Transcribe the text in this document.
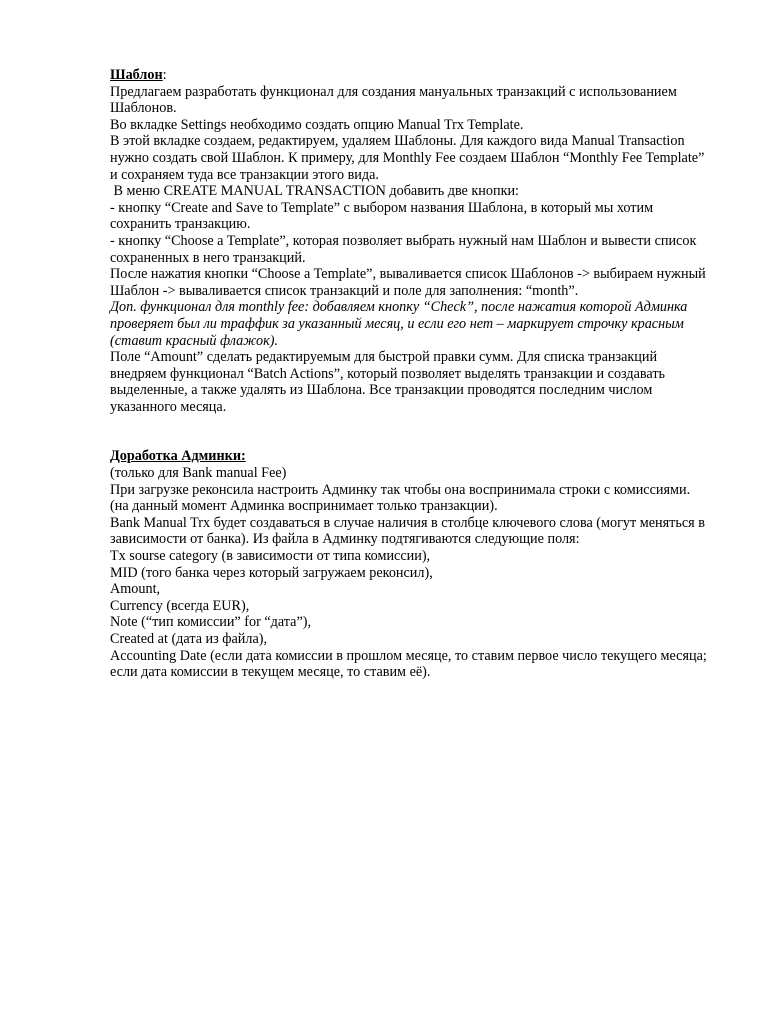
Шаблон:

Предлагаем разработать функционал для создания мануальных транзакций с использованием Шаблонов.

Во вкладке Settings необходимо создать опцию Manual Trx Template.

В этой вкладке создаем, редактируем, удаляем Шаблоны. Для каждого вида Manual Transaction нужно создать свой Шаблон. К примеру, для Monthly Fee создаем Шаблон “Monthly Fee Template” и сохраняем туда все транзакции этого вида.

В меню CREATE MANUAL TRANSACTION добавить две кнопки:

- кнопку “Create and Save to Template” с выбором названия Шаблона, в который мы хотим сохранить транзакцию.

- кнопку “Choose a Template”, которая позволяет выбрать нужный нам Шаблон и вывести список сохраненных в него транзакций.

После нажатия кнопки “Choose a Template”, вываливается список Шаблонов -> выбираем нужный Шаблон -> вываливается список транзакций и поле для заполнения: “month”.

Доп. функционал для monthly fee: добавляем кнопку “Check”, после нажатия которой Админка проверяет был ли траффик за указанный месяц, и если его нет – маркирует строчку красным (ставит красный флажок).

Поле “Amount” сделать редактируемым для быстрой правки сумм. Для списка транзакций внедряем функционал “Batch Actions”, который позволяет выделять транзакции и создавать выделенные, а также удалять из Шаблона. Все транзакции проводятся последним числом указанного месяца.

Доработка Админки:

(только для Bank manual Fee)

При загрузке реконсила настроить Админку так чтобы она воспринимала строки с комиссиями.

(на данный момент Админка воспринимает только транзакции).

Bank Manual Trx будет создаваться в случае наличия в столбце ключевого слова (могут меняться в зависимости от банка). Из файла в Админку подтягиваются следующие поля:

Tx sourse category (в зависимости от типа комиссии),

MID (того банка через который загружаем реконсил),

Amount,

Currency (всегда EUR),

Note (“тип комиссии” for “дата”),

Created at (дата из файла),

Accounting Date (если дата комиссии в прошлом месяце, то ставим первое число текущего месяца; если дата комиссии в текущем месяце, то ставим её).
